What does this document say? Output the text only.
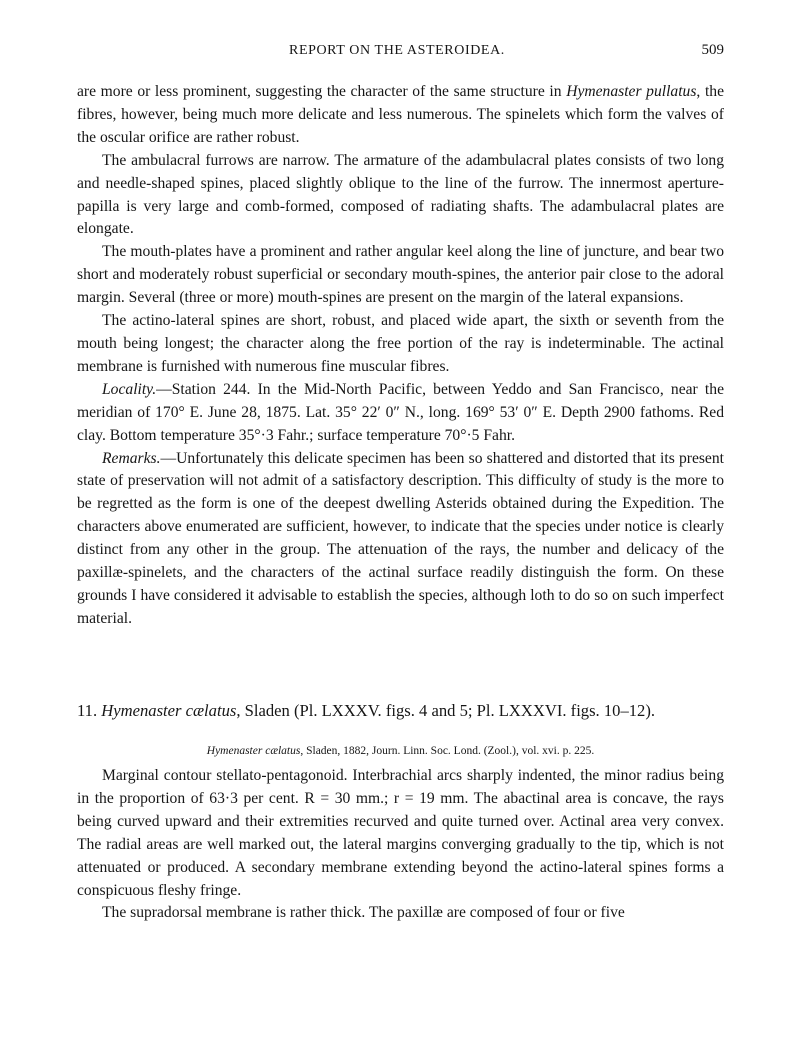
REPORT ON THE ASTEROIDEA.	509

are more or less prominent, suggesting the character of the same structure in Hymenaster pullatus, the fibres, however, being much more delicate and less numerous. The spinelets which form the valves of the oscular orifice are rather robust.

The ambulacral furrows are narrow. The armature of the adambulacral plates consists of two long and needle-shaped spines, placed slightly oblique to the line of the furrow. The innermost aperture-papilla is very large and comb-formed, composed of radiating shafts. The adambulacral plates are elongate.

The mouth-plates have a prominent and rather angular keel along the line of juncture, and bear two short and moderately robust superficial or secondary mouth-spines, the anterior pair close to the adoral margin. Several (three or more) mouth-spines are present on the margin of the lateral expansions.

The actino-lateral spines are short, robust, and placed wide apart, the sixth or seventh from the mouth being longest; the character along the free portion of the ray is indeterminable. The actinal membrane is furnished with numerous fine muscular fibres.

Locality.—Station 244. In the Mid-North Pacific, between Yeddo and San Francisco, near the meridian of 170° E. June 28, 1875. Lat. 35° 22′ 0″ N., long. 169° 53′ 0″ E. Depth 2900 fathoms. Red clay. Bottom temperature 35°·3 Fahr.; surface temperature 70°·5 Fahr.

Remarks.—Unfortunately this delicate specimen has been so shattered and distorted that its present state of preservation will not admit of a satisfactory description. This difficulty of study is the more to be regretted as the form is one of the deepest dwelling Asterids obtained during the Expedition. The characters above enumerated are sufficient, however, to indicate that the species under notice is clearly distinct from any other in the group. The attenuation of the rays, the number and delicacy of the paxillæ-spinelets, and the characters of the actinal surface readily distinguish the form. On these grounds I have considered it advisable to establish the species, although loth to do so on such imperfect material.

11. Hymenaster cælatus, Sladen (Pl. LXXXV. figs. 4 and 5; Pl. LXXXVI. figs. 10–12).
Hymenaster cælatus, Sladen, 1882, Journ. Linn. Soc. Lond. (Zool.), vol. xvi. p. 225.

Marginal contour stellato-pentagonoid. Interbrachial arcs sharply indented, the minor radius being in the proportion of 63·3 per cent. R = 30 mm.; r = 19 mm. The abactinal area is concave, the rays being curved upward and their extremities recurved and quite turned over. Actinal area very convex. The radial areas are well marked out, the lateral margins converging gradually to the tip, which is not attenuated or produced. A secondary membrane extending beyond the actino-lateral spines forms a conspicuous fleshy fringe.

The supradorsal membrane is rather thick. The paxillæ are composed of four or five
